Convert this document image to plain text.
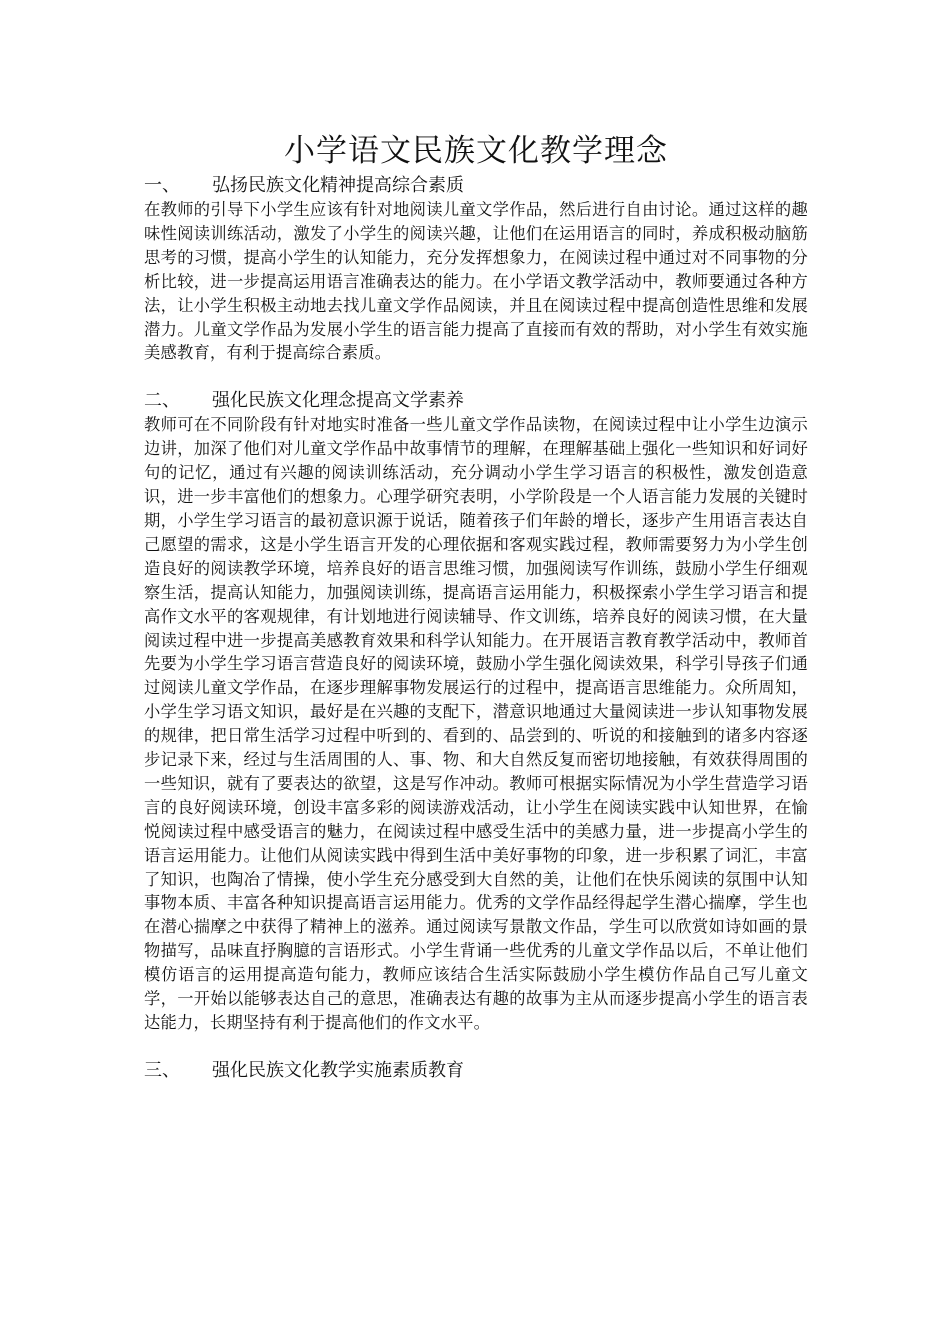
小学语文民族文化教学理念
一、	弘扬民族文化精神提高综合素质

在教师的引导下小学生应该有针对地阅读儿童文学作品，然后进行自由讨论。通过这样的趣味性阅读训练活动，激发了小学生的阅读兴趣，让他们在运用语言的同时，养成积极动脑筋思考的习惯，提高小学生的认知能力，充分发挥想象力，在阅读过程中通过对不同事物的分析比较，进一步提高运用语言准确表达的能力。在小学语文教学活动中，教师要通过各种方法，让小学生积极主动地去找儿童文学作品阅读，并且在阅读过程中提高创造性思维和发展潜力。儿童文学作品为发展小学生的语言能力提高了直接而有效的帮助，对小学生有效实施美感教育，有利于提高综合素质。

二、	强化民族文化理念提高文学素养

教师可在不同阶段有针对地实时准备一些儿童文学作品读物，在阅读过程中让小学生边演示边讲，加深了他们对儿童文学作品中故事情节的理解，在理解基础上强化一些知识和好词好句的记忆，通过有兴趣的阅读训练活动，充分调动小学生学习语言的积极性，激发创造意识，进一步丰富他们的想象力。心理学研究表明，小学阶段是一个人语言能力发展的关键时期，小学生学习语言的最初意识源于说话，随着孩子们年龄的增长，逐步产生用语言表达自己愿望的需求，这是小学生语言开发的心理依据和客观实践过程，教师需要努力为小学生创造良好的阅读教学环境，培养良好的语言思维习惯，加强阅读写作训练，鼓励小学生仔细观察生活，提高认知能力，加强阅读训练，提高语言运用能力，积极探索小学生学习语言和提高作文水平的客观规律，有计划地进行阅读辅导、作文训练，培养良好的阅读习惯，在大量阅读过程中进一步提高美感教育效果和科学认知能力。在开展语言教育教学活动中，教师首先要为小学生学习语言营造良好的阅读环境，鼓励小学生强化阅读效果，科学引导孩子们通过阅读儿童文学作品，在逐步理解事物发展运行的过程中，提高语言思维能力。众所周知，小学生学习语文知识，最好是在兴趣的支配下，潜意识地通过大量阅读进一步认知事物发展的规律，把日常生活学习过程中听到的、看到的、品尝到的、听说的和接触到的诸多内容逐步记录下来，经过与生活周围的人、事、物、和大自然反复而密切地接触，有效获得周围的一些知识，就有了要表达的欲望，这是写作冲动。教师可根据实际情况为小学生营造学习语言的良好阅读环境，创设丰富多彩的阅读游戏活动，让小学生在阅读实践中认知世界，在愉悦阅读过程中感受语言的魅力，在阅读过程中感受生活中的美感力量，进一步提高小学生的语言运用能力。让他们从阅读实践中得到生活中美好事物的印象，进一步积累了词汇，丰富了知识，也陶冶了情操，使小学生充分感受到大自然的美，让他们在快乐阅读的氛围中认知事物本质、丰富各种知识提高语言运用能力。优秀的文学作品经得起学生潜心揣摩，学生也在潜心揣摩之中获得了精神上的滋养。通过阅读写景散文作品，学生可以欣赏如诗如画的景物描写，品味直抒胸臆的言语形式。小学生背诵一些优秀的儿童文学作品以后，不单让他们模仿语言的运用提高造句能力，教师应该结合生活实际鼓励小学生模仿作品自己写儿童文学，一开始以能够表达自己的意思，准确表达有趣的故事为主从而逐步提高小学生的语言表达能力，长期坚持有利于提高他们的作文水平。

三、	强化民族文化教学实施素质教育
